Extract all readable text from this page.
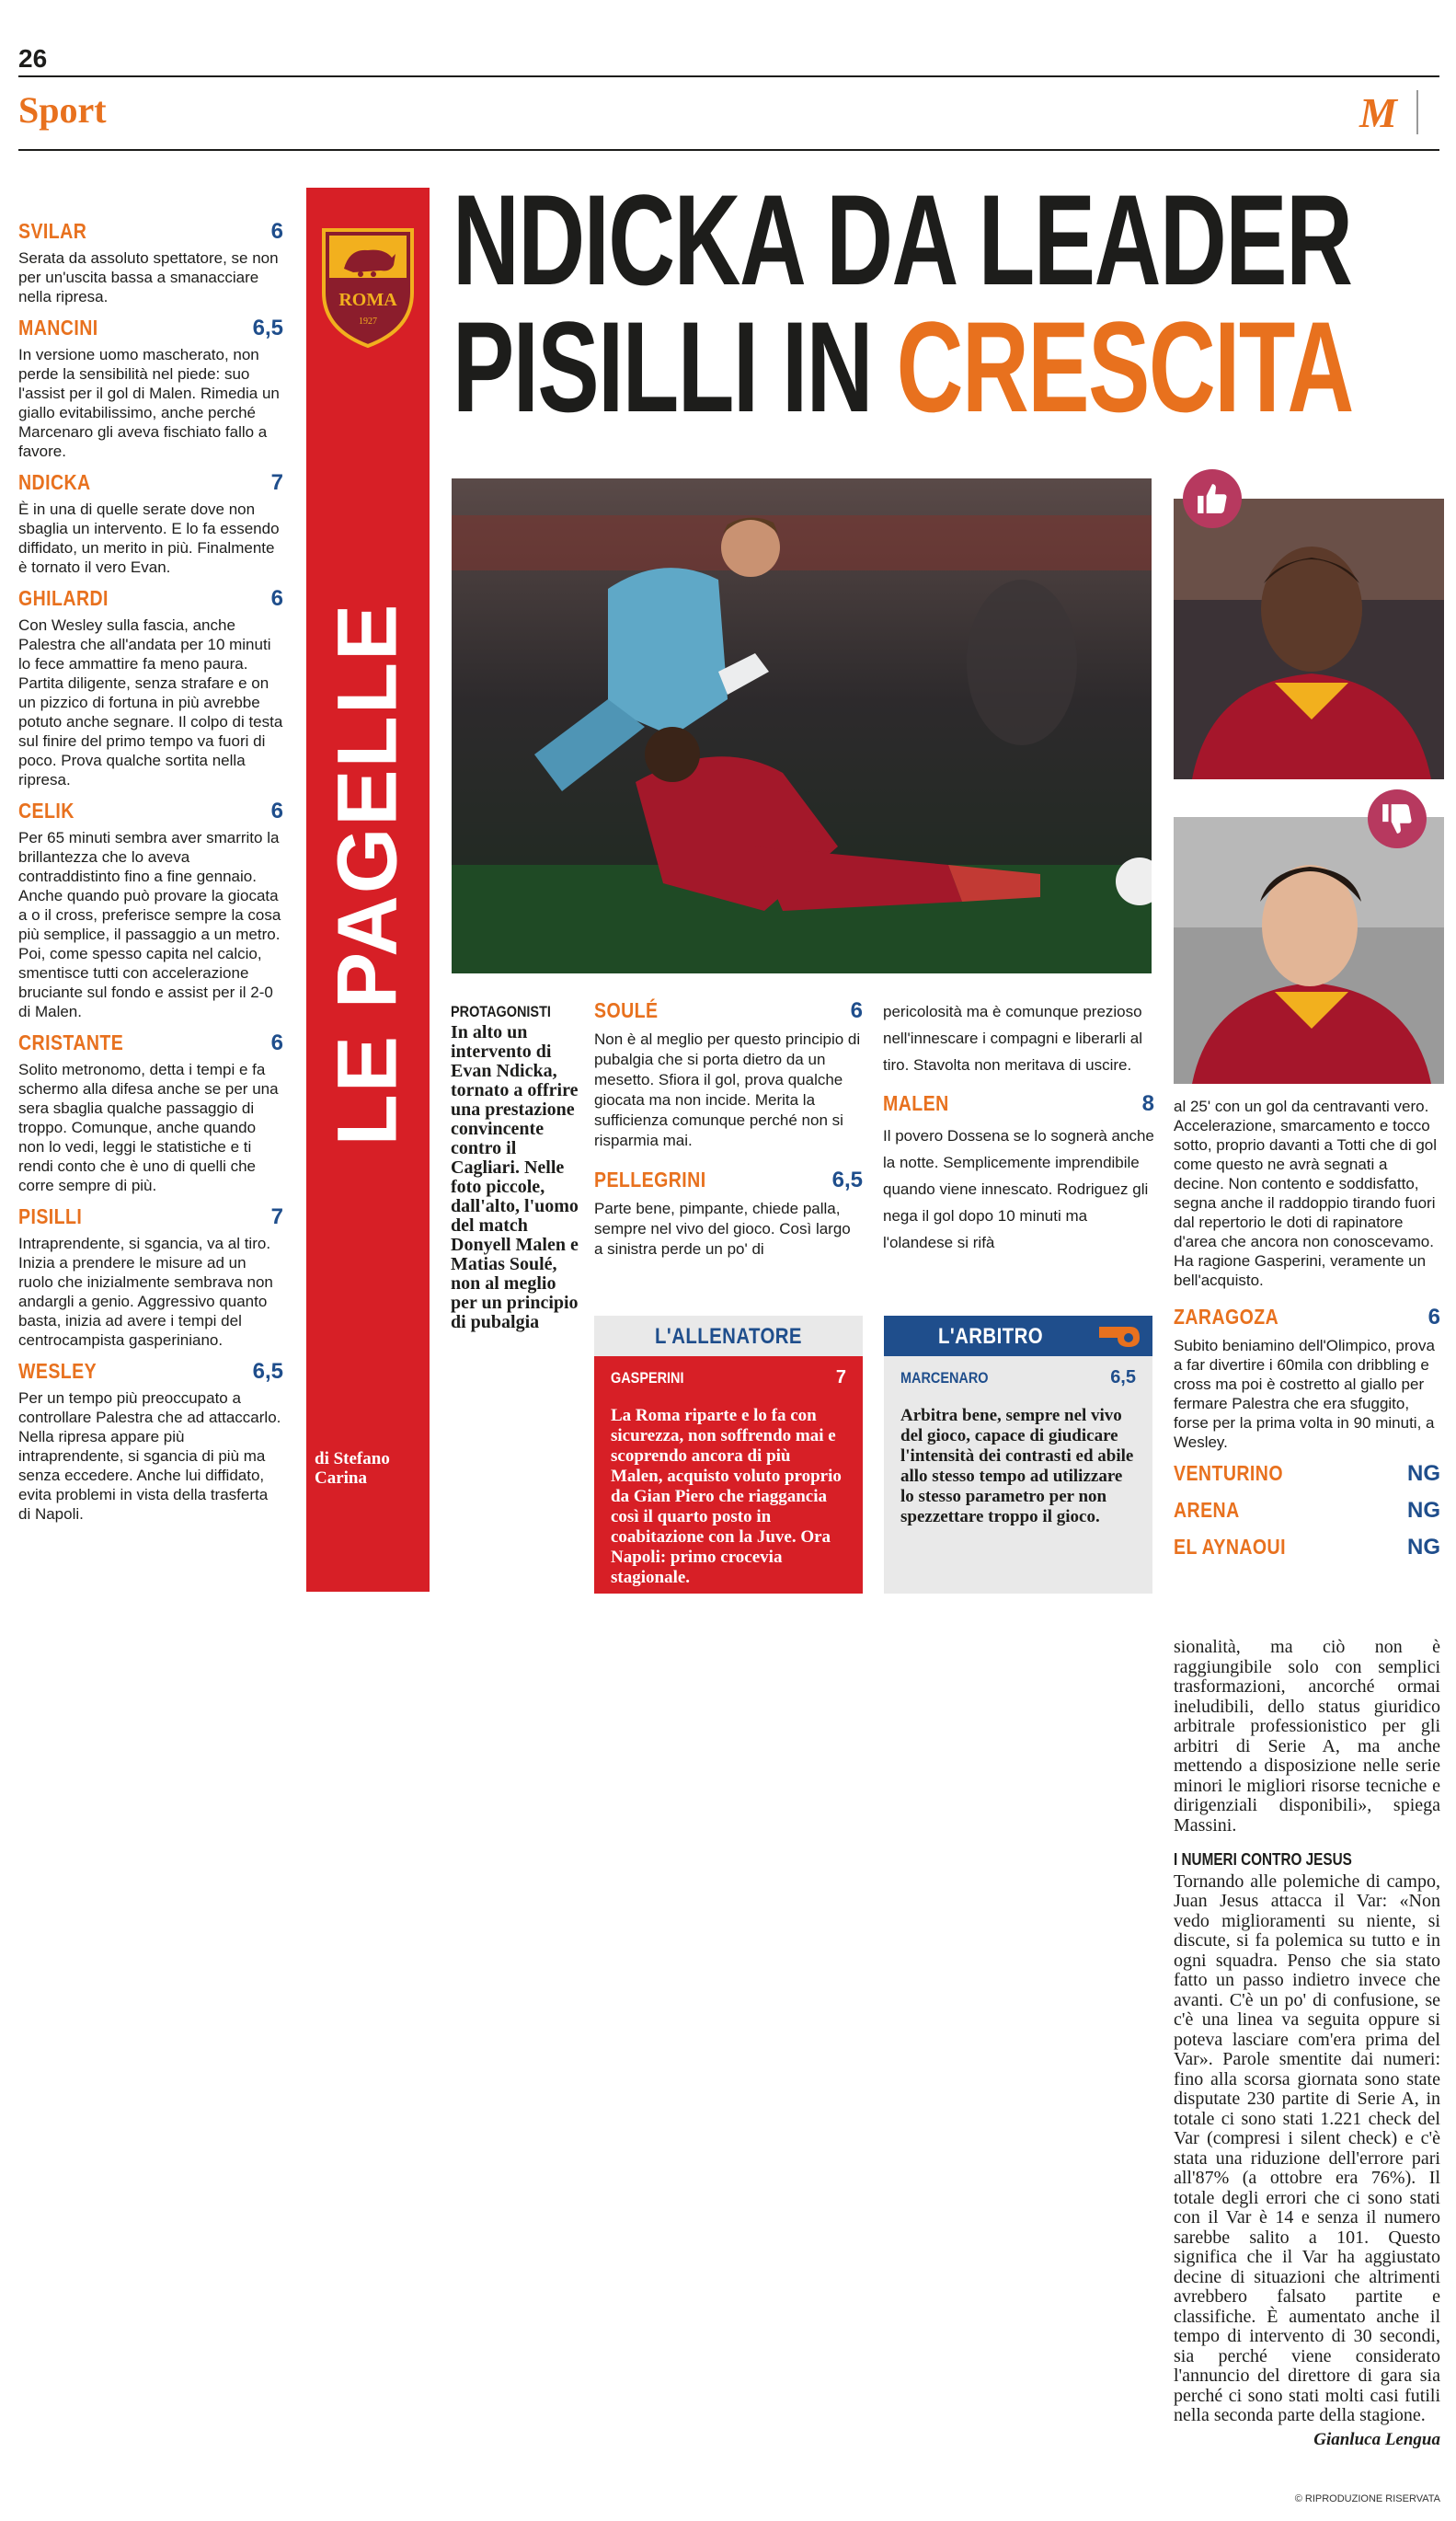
26
Sport	M
SVILAR	6
Serata da assoluto spettatore, se non per un'uscita bassa a smanacciare nella ripresa.
MANCINI	6,5
In versione uomo mascherato, non perde la sensibilità nel piede: suo l'assist per il gol di Malen. Rimedia un giallo evitabilissimo, anche perché Marcenaro gli aveva fischiato fallo a favore.
NDICKA	7
È in una di quelle serate dove non sbaglia un intervento. E lo fa essendo diffidato, un merito in più. Finalmente è tornato il vero Evan.
GHILARDI	6
Con Wesley sulla fascia, anche Palestra che all'andata per 10 minuti lo fece ammattire fa meno paura. Partita diligente, senza strafare e on un pizzico di fortuna in più avrebbe potuto anche segnare. Il colpo di testa sul finire del primo tempo va fuori di poco. Prova qualche sortita nella ripresa.
CELIK	6
Per 65 minuti sembra aver smarrito la brillantezza che lo aveva contraddistinto fino a fine gennaio. Anche quando può provare la giocata a o il cross, preferisce sempre la cosa più semplice, il passaggio a un metro. Poi, come spesso capita nel calcio, smentisce tutti con accelerazione bruciante sul fondo e assist per il 2-0 di Malen.
CRISTANTE	6
Solito metronomo, detta i tempi e fa schermo alla difesa anche se per una sera sbaglia qualche passaggio di troppo. Comunque, anche quando non lo vedi, leggi le statistiche e ti rendi conto che è uno di quelli che corre sempre di più.
PISILLI	7
Intraprendente, si sgancia, va al tiro. Inizia a prendere le misure ad un ruolo che inizialmente sembrava non andargli a genio. Aggressivo quanto basta, inizia ad avere i tempi del centrocampista gasperiniano.
WESLEY	6,5
Per un tempo più preoccupato a controllare Palestra che ad attaccarlo. Nella ripresa appare più intraprendente, si sgancia di più ma senza eccedere. Anche lui diffidato, evita problemi in vista della trasferta di Napoli.
ROMA
1927
LE PAGELLE
di Stefano Carina
NDICKA DA LEADER
PISILLI IN CRESCITA
PROTAGONISTI
In alto un intervento di Evan Ndicka, tornato a offrire una prestazione convincente contro il Cagliari. Nelle foto piccole, dall'alto, l'uomo del match Donyell Malen e Matias Soulé, non al meglio per un principio di pubalgia
SOULÉ	6
Non è al meglio per questo principio di pubalgia che si porta dietro da un mesetto. Sfiora il gol, prova qualche giocata ma non incide. Merita la sufficienza comunque perché non si risparmia mai.
PELLEGRINI	6,5
Parte bene, pimpante, chiede palla, sempre nel vivo del gioco. Così largo a sinistra perde un po' di
pericolosità ma è comunque prezioso nell'innescare i compagni e liberarli al tiro. Stavolta non meritava di uscire.
MALEN	8
Il povero Dossena se lo sognerà anche la notte. Semplicemente imprendibile quando viene innescato. Rodriguez gli nega il gol dopo 10 minuti ma l'olandese si rifà
GASPERINI	7
La Roma riparte e lo fa con sicurezza, non soffrendo mai e scoprendo ancora di più Malen, acquisto voluto proprio da Gian Piero che riaggancia così il quarto posto in coabitazione con la Juve. Ora Napoli: primo crocevia stagionale.
L'ALLENATORE
MARCENARO	6,5
Arbitra bene, sempre nel vivo del gioco, capace di giudicare l'intensità dei contrasti ed abile allo stesso tempo ad utilizzare lo stesso parametro per non spezzettare troppo il gioco.
L'ARBITRO
al 25' con un gol da centravanti vero. Accelerazione, smarcamento e tocco sotto, proprio davanti a Totti che di gol come questo ne avrà segnati a decine. Non contento e soddisfatto, segna anche il raddoppio tirando fuori dal repertorio le doti di rapinatore d'area che ancora non conoscevamo. Ha ragione Gasperini, veramente un bell'acquisto.
ZARAGOZA	6
Subito beniamino dell'Olimpico, prova a far divertire i 60mila con dribbling e cross ma poi è costretto al giallo per fermare Palestra che era sfuggito, forse per la prima volta in 90 minuti, a Wesley.
VENTURINO	NG
ARENA	NG
EL AYNAOUI	NG

sionalità, ma ciò non è raggiungibile solo con semplici trasformazioni, ancorché ormai ineludibili, dello status giuridico arbitrale professionistico per gli arbitri di Serie A, ma anche mettendo a disposizione nelle serie minori le migliori risorse tecniche e dirigenziali disponibili», spiega Massini.

I NUMERI CONTRO JESUS

Tornando alle polemiche di campo, Juan Jesus attacca il Var: «Non vedo miglioramenti su niente, si discute, si fa polemica su tutto e in ogni squadra. Penso che sia stato fatto un passo indietro invece che avanti. C'è un po' di confusione, se c'è una linea va seguita oppure si poteva lasciare com'era prima del Var». Parole smentite dai numeri: fino alla scorsa giornata sono state disputate 230 partite di Serie A, in totale ci sono stati 1.221 check del Var (compresi i silent check) e c'è stata una riduzione dell'errore pari all'87% (a ottobre era 76%). Il totale degli errori che ci sono stati con il Var è 14 e senza il numero sarebbe salito a 101. Questo significa che il Var ha aggiustato decine di situazioni che altrimenti avrebbero falsato partite e classifiche. È aumentato anche il tempo di intervento di 30 secondi, sia perché viene considerato l'annuncio del direttore di gara sia perché ci sono stati molti casi futili nella seconda parte della stagione.

Gianluca Lengua
© RIPRODUZIONE RISERVATA
